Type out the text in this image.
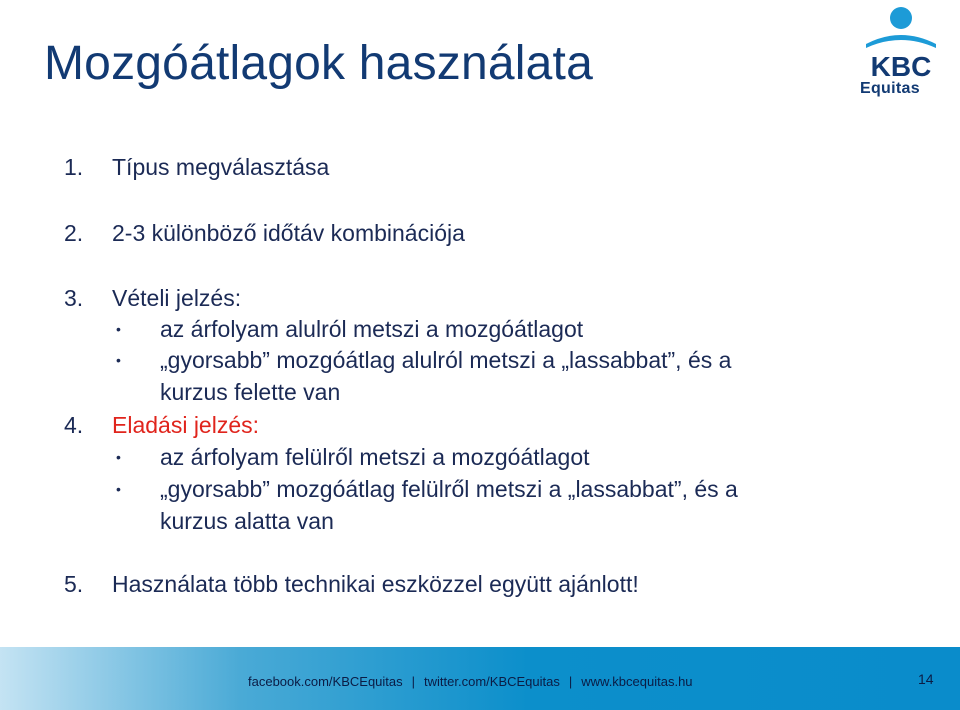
Mozgóátlagok használata	KBC
Equitas
1. Típus megválasztása
2. 2-3 különböző időtáv kombinációja
3. Vételi jelzés:
• az árfolyam alulról metszi a mozgóátlagot
• „gyorsabb” mozgóátlag alulról metszi a „lassabbat”, és a
kurzus felette van
4. Eladási jelzés:
• az árfolyam felülről metszi a mozgóátlagot
• „gyorsabb” mozgóátlag felülről metszi a „lassabbat”, és a
kurzus alatta van
5. Használata több technikai eszközzel együtt ajánlott!
facebook.com/KBCEquitas | twitter.com/KBCEquitas | www.kbcequitas.hu	14
